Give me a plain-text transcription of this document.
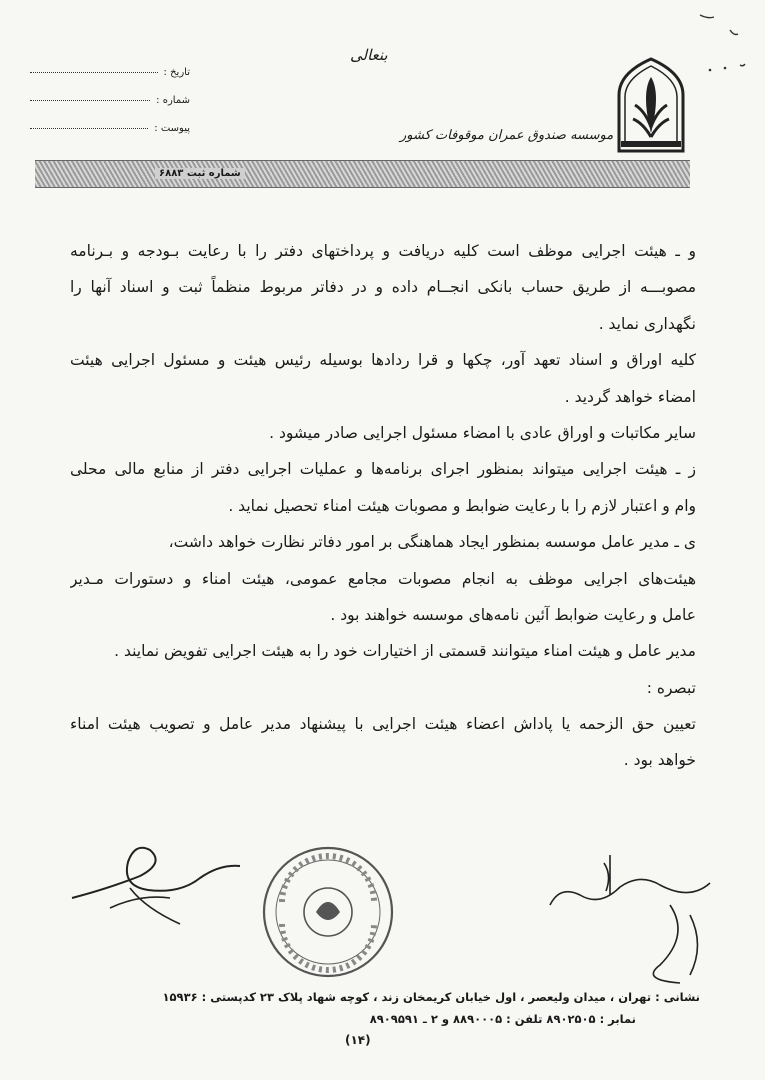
تاریخ :
شماره :
پیوست :
بنعالی
موسسه صندوق عمران موقوفات کشور
شماره ثبت ۶۸۸۳
و ـ هیئت اجرایی موظف است کلیه دریافت و پرداختهای دفتر را با رعایت بـودجه و بـرنامه
مصوبـــه از طریق حساب بانکی انجــام داده و در دفاتر مربوط منظماً ثبت و اسناد آنها را
نگهداری نماید .
کلیه اوراق و اسناد تعهد آور، چکها و قرا ردادها بوسیله رئیس هیئت و مسئول اجرایی هیئت
امضاء خواهد گردید .
سایر مکاتبات و اوراق عادی با امضاء مسئول اجرایی صادر میشود .
ز ـ هیئت اجرایی میتواند بمنظور اجرای برنامه‌ها و عملیات اجرایی دفتر از منابع مالی محلی
وام و اعتبار لازم را با رعایت ضوابط و مصوبات هیئت امناء تحصیل نماید .
ی ـ مدیر عامل موسسه بمنظور ایجاد هماهنگی بر امور دفاتر نظارت خواهد داشت،
هیئت‌های اجرایی موظف به انجام مصوبات مجامع عمومی، هیئت امناء و دستورات مـدیر
عامل و رعایت ضوابط آئین نامه‌های موسسه خواهند بود .
مدیر عامل و هیئت امناء میتوانند قسمتی از اختیارات خود را به هیئت اجرایی تفویض نمایند .
تبصره :
تعیین حق الزحمه یا پاداش اعضاء هیئت اجرایی با پیشنهاد مدیر عامل و تصویب هیئت امناء
خواهد بود .
نشانی : تهران ، میدان ولیعصر ، اول خیابان کریمخان زند ، کوچه شهاد پلاک ۲۳ کدپستی : ۱۵۹۳۶
نمابر : ۸۹۰۲۵۰۵ تلفن : ۸۸۹۰۰۰۵ و ۲ ـ ۸۹۰۹۵۹۱
(۱۴)
